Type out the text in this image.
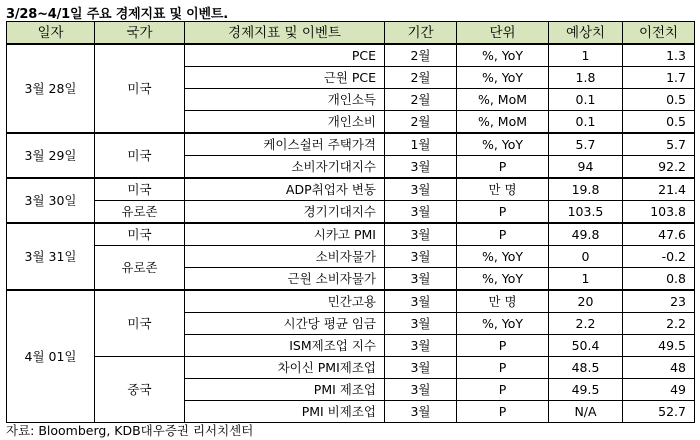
3/28~4/1일 주요 경제지표 및 이벤트.
일자	국가	경제지표 및 이벤트	기간	단위	예상치	이전치
3월 28일	미국	PCE	2월	%, YoY	1	1.3
		근원 PCE	2월	%, YoY	1.8	1.7
		개인소득	2월	%, MoM	0.1	0.5
		개인소비	2월	%, MoM	0.1	0.5
3월 29일	미국	케이스쉴러 주택가격	1월	%, YoY	5.7	5.7
		소비자기대지수	3월	P	94	92.2
3월 30일	미국	ADP취업자 변동	3월	만 명	19.8	21.4
	유로존	경기기대지수	3월	P	103.5	103.8
3월 31일	미국	시카고 PMI	3월	P	49.8	47.6
	유로존	소비자물가	3월	%, YoY	0	-0.2
		근원 소비자물가	3월	%, YoY	1	0.8
4월 01일	미국	민간고용	3월	만 명	20	23
		시간당 평균 임금	3월	%, YoY	2.2	2.2
		ISM제조업 지수	3월	P	50.4	49.5
	중국	차이신 PMI제조업	3월	P	48.5	48
		PMI 제조업	3월	P	49.5	49
		PMI 비제조업	3월	P	N/A	52.7
자료: Bloomberg, KDB대우증권 리서치센터
